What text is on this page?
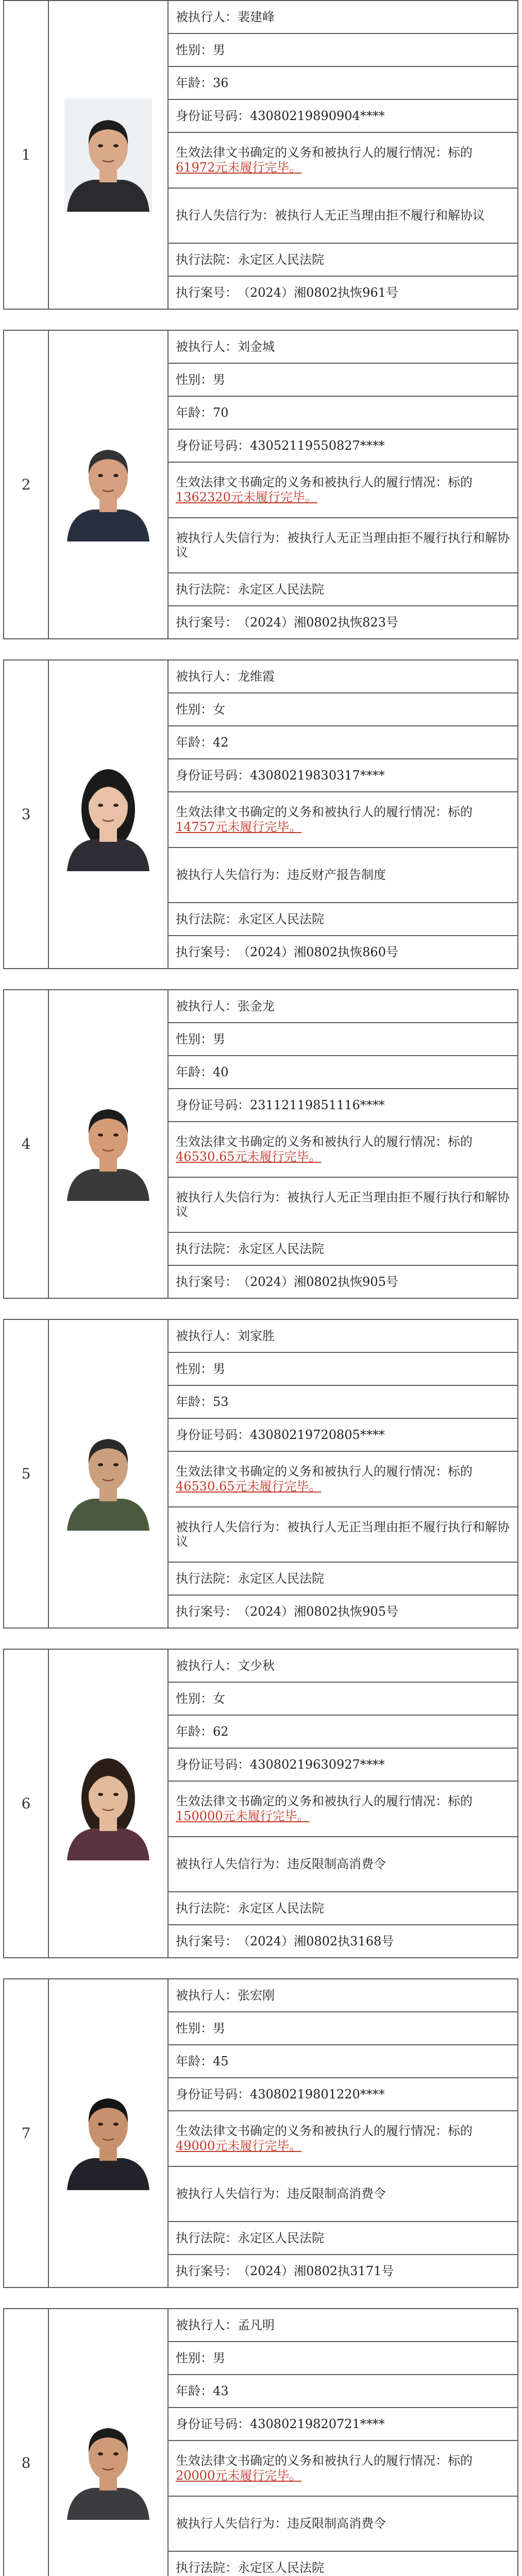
1
被执行人： 裴建峰
性别： 男
年龄： 36
身份证号码： 43080219890904****
生效法律文书确定的义务和被执行人的履行情况：标的61972元未履行完毕。
执行人失信行为：被执行人无正当理由拒不履行和解协议
执行法院： 永定区人民法院
执行案号： （2024）湘0802执恢961号
2
被执行人： 刘金城
性别： 男
年龄： 70
身份证号码： 43052119550827****
生效法律文书确定的义务和被执行人的履行情况：标的1362320元未履行完毕。
被执行人失信行为：被执行人无正当理由拒不履行执行和解协议
执行法院： 永定区人民法院
执行案号： （2024）湘0802执恢823号
3
被执行人： 龙维霞
性别： 女
年龄： 42
身份证号码： 43080219830317****
生效法律文书确定的义务和被执行人的履行情况：标的14757元未履行完毕。
被执行人失信行为：违反财产报告制度
执行法院： 永定区人民法院
执行案号： （2024）湘0802执恢860号
4
被执行人： 张金龙
性别： 男
年龄： 40
身份证号码： 23112119851116****
生效法律文书确定的义务和被执行人的履行情况：标的46530.65元未履行完毕。
被执行人失信行为：被执行人无正当理由拒不履行执行和解协议
执行法院： 永定区人民法院
执行案号： （2024）湘0802执恢905号
5
被执行人： 刘家胜
性别： 男
年龄： 53
身份证号码： 43080219720805****
生效法律文书确定的义务和被执行人的履行情况：标的46530.65元未履行完毕。
被执行人失信行为：被执行人无正当理由拒不履行执行和解协议
执行法院： 永定区人民法院
执行案号： （2024）湘0802执恢905号
6
被执行人： 文少秋
性别： 女
年龄： 62
身份证号码： 43080219630927****
生效法律文书确定的义务和被执行人的履行情况：标的150000元未履行完毕。
被执行人失信行为：违反限制高消费令
执行法院： 永定区人民法院
执行案号： （2024）湘0802执3168号
7
被执行人： 张宏刚
性别： 男
年龄： 45
身份证号码： 43080219801220****
生效法律文书确定的义务和被执行人的履行情况：标的49000元未履行完毕。
被执行人失信行为：违反限制高消费令
执行法院： 永定区人民法院
执行案号： （2024）湘0802执3171号
8
被执行人： 孟凡明
性别： 男
年龄： 43
身份证号码： 43080219820721****
生效法律文书确定的义务和被执行人的履行情况：标的20000元未履行完毕。
被执行人失信行为：违反限制高消费令
执行法院： 永定区人民法院
